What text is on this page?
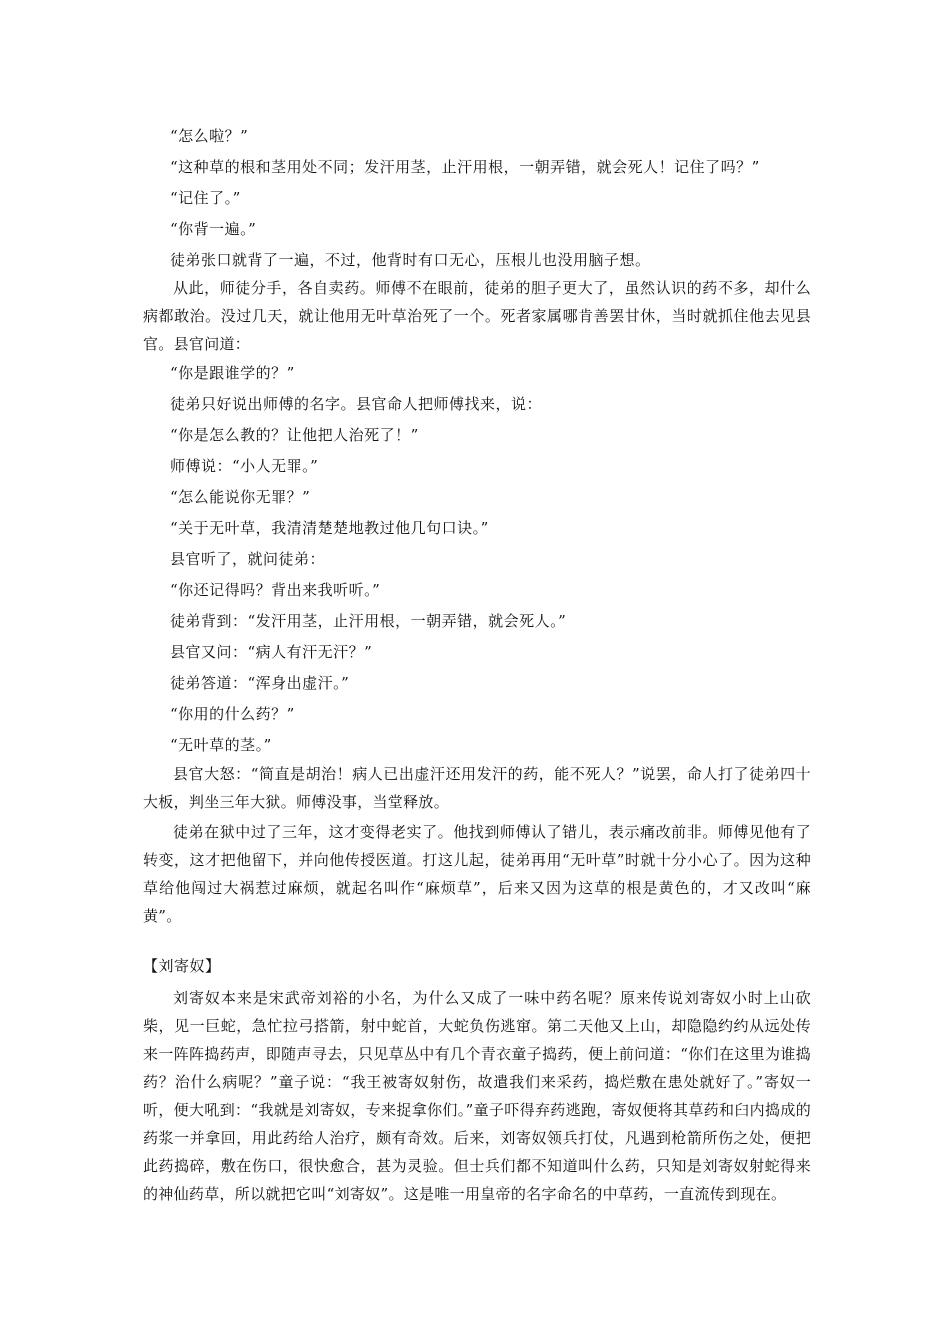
“怎么啦？”
“这种草的根和茎用处不同；发汗用茎，止汗用根，一朝弄错，就会死人！记住了吗？”
“记住了。”
“你背一遍。”
徒弟张口就背了一遍，不过，他背时有口无心，压根儿也没用脑子想。

从此，师徒分手，各自卖药。师傅不在眼前，徒弟的胆子更大了，虽然认识的药不多，却什么病都敢治。没过几天，就让他用无叶草治死了一个。死者家属哪肯善罢甘休，当时就抓住他去见县官。县官问道：

“你是跟谁学的？”
徒弟只好说出师傅的名字。县官命人把师傅找来，说：
“你是怎么教的？让他把人治死了！”
师傅说：“小人无罪。”
“怎么能说你无罪？”
“关于无叶草，我清清楚楚地教过他几句口诀。”
县官听了，就问徒弟：
“你还记得吗？背出来我听听。”
徒弟背到：“发汗用茎，止汗用根，一朝弄错，就会死人。”
县官又问：“病人有汗无汗？”
徒弟答道：“浑身出虚汗。”
“你用的什么药？”
“无叶草的茎。”

县官大怒：“简直是胡治！病人已出虚汗还用发汗的药，能不死人？”说罢，命人打了徒弟四十大板，判坐三年大狱。师傅没事，当堂释放。

徒弟在狱中过了三年，这才变得老实了。他找到师傅认了错儿，表示痛改前非。师傅见他有了转变，这才把他留下，并向他传授医道。打这儿起，徒弟再用“无叶草”时就十分小心了。因为这种草给他闯过大祸惹过麻烦，就起名叫作“麻烦草”，后来又因为这草的根是黄色的，才又改叫“麻黄”。

【刘寄奴】

刘寄奴本来是宋武帝刘裕的小名，为什么又成了一味中药名呢？原来传说刘寄奴小时上山砍柴，见一巨蛇，急忙拉弓搭箭，射中蛇首，大蛇负伤逃窜。第二天他又上山，却隐隐约约从远处传来一阵阵捣药声，即随声寻去，只见草丛中有几个青衣童子捣药，便上前问道：“你们在这里为谁捣药？治什么病呢？”童子说：“我王被寄奴射伤，故遣我们来采药，捣烂敷在患处就好了。”寄奴一听，便大吼到：“我就是刘寄奴，专来捉拿你们。”童子吓得弃药逃跑，寄奴便将其草药和臼内捣成的药浆一并拿回，用此药给人治疗，颇有奇效。后来，刘寄奴领兵打仗，凡遇到枪箭所伤之处，便把此药捣碎，敷在伤口，很快愈合，甚为灵验。但士兵们都不知道叫什么药，只知是刘寄奴射蛇得来的神仙药草，所以就把它叫“刘寄奴”。这是唯一用皇帝的名字命名的中草药，一直流传到现在。
